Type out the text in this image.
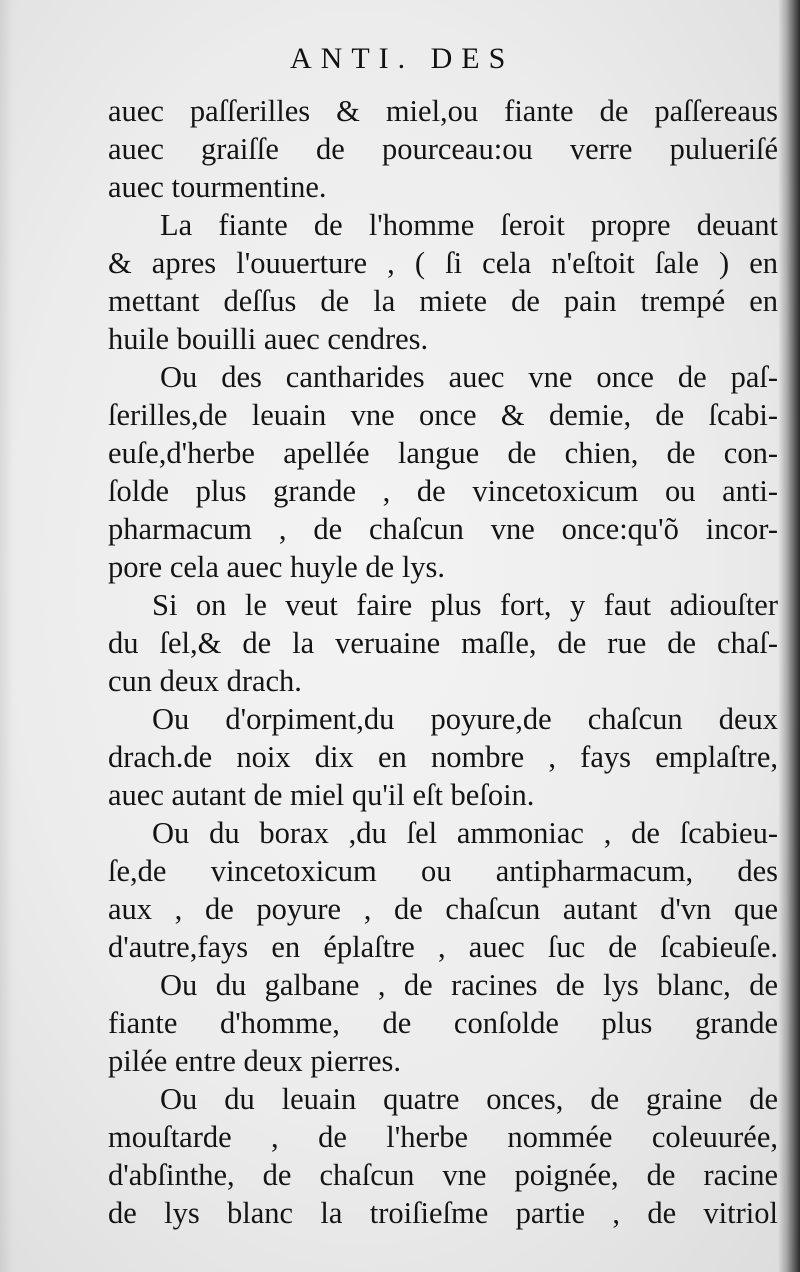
ANTI. DES
auec paſſerilles & miel,ou fiante de paſſereaus
auec graiſſe de pourceau:ou verre pulueriſé
auec tourmentine.
La fiante de l'homme ſeroit propre deuant
& apres l'ouuerture , ( ſi cela n'eſtoit ſale ) en
mettant deſſus de la miete de pain trempé en
huile bouilli auec cendres.
Ou des cantharides auec vne once de paſ-
ſerilles,de leuain vne once & demie, de ſcabi-
euſe,d'herbe apellée langue de chien, de con-
ſolde plus grande , de vincetoxicum ou anti-
pharmacum , de chaſcun vne once:qu'õ incor-
pore cela auec huyle de lys.
Si on le veut faire plus fort, y faut adiouſter
du ſel,& de la veruaine maſle, de rue de chaſ-
cun deux drach.
Ou d'orpiment,du poyure,de chaſcun deux
drach.de noix dix en nombre , fays emplaſtre,
auec autant de miel qu'il eſt beſoin.
Ou du borax ,du ſel ammoniac , de ſcabieu-
ſe,de vincetoxicum ou antipharmacum, des
aux , de poyure , de chaſcun autant d'vn que
d'autre,fays en éplaſtre , auec ſuc de ſcabieuſe.
Ou du galbane , de racines de lys blanc, de
fiante d'homme, de conſolde plus grande
pilée entre deux pierres.
Ou du leuain quatre onces, de graine de
mouſtarde , de l'herbe nommée coleuurée,
d'abſinthe, de chaſcun vne poignée, de racine
de lys blanc la troiſieſme partie , de vitriol
